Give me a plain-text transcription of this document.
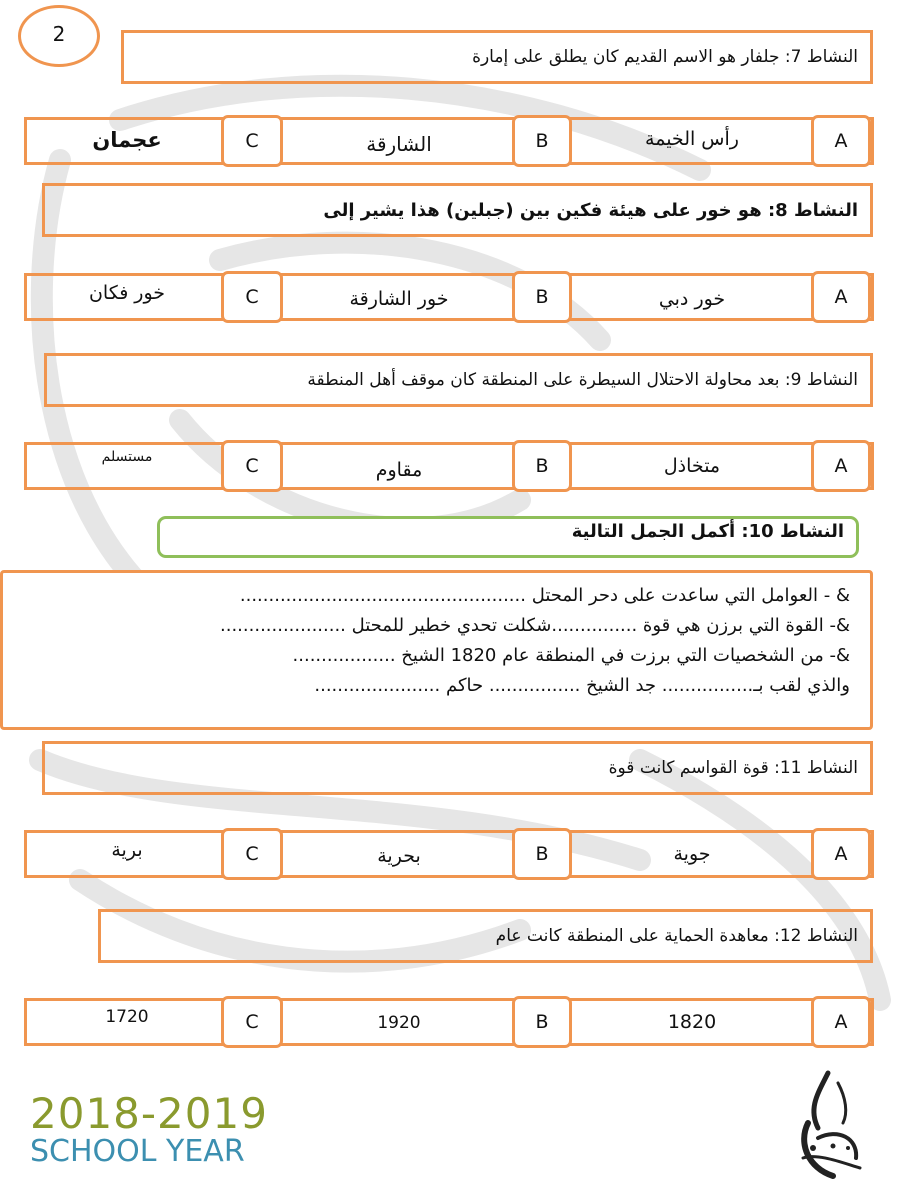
2
النشاط 7: جلفار هو الاسم القديم كان يطلق على إمارة
A
رأس الخيمة
B
الشارقة
C
عجمان
النشاط 8: هو خور على هيئة فكين بين (جبلين) هذا يشير إلى
A
خور دبي
B
خور الشارقة
C
خور فكان
النشاط 9: بعد محاولة الاحتلال السيطرة على المنطقة كان موقف أهل المنطقة
A
متخاذل
B
مقاوم
C
مستسلم
النشاط 10: أكمل الجمل التالية
& - العوامل التي ساعدت على دحر المحتل ..................................................
&- القوة التي برزن هي قوة ...............شكلت تحدي خطير للمحتل ......................
&- من الشخصيات التي برزت في المنطقة عام 1820 الشيخ ..................
والذي لقب بـ................ جد الشيخ ................ حاكم ......................
النشاط 11: قوة القواسم كانت قوة
A
جوية
B
بحرية
C
برية
النشاط 12: معاهدة الحماية على المنطقة كانت عام
A
1820
B
1920
C
1720
2018-2019
SCHOOL YEAR
